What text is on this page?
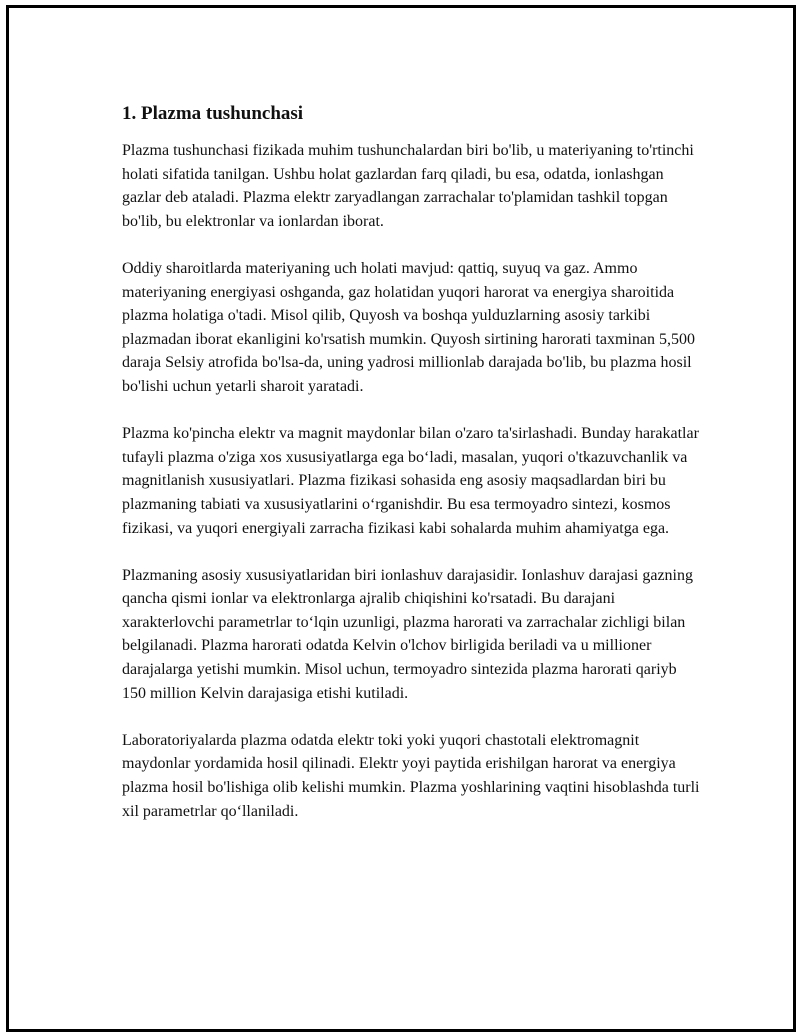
1. Plazma tushunchasi

Plazma tushunchasi fizikada muhim tushunchalardan biri bo'lib, u materiyaning to'rtinchi holati sifatida tanilgan. Ushbu holat gazlardan farq qiladi, bu esa, odatda, ionlashgan gazlar deb ataladi. Plazma elektr zaryadlangan zarrachalar to'plamidan tashkil topgan bo'lib, bu elektronlar va ionlardan iborat.

Oddiy sharoitlarda materiyaning uch holati mavjud: qattiq, suyuq va gaz. Ammo materiyaning energiyasi oshganda, gaz holatidan yuqori harorat va energiya sharoitida plazma holatiga o'tadi. Misol qilib, Quyosh va boshqa yulduzlarning asosiy tarkibi plazmadan iborat ekanligini ko'rsatish mumkin. Quyosh sirtining harorati taxminan 5,500 daraja Selsiy atrofida bo'lsa-da, uning yadrosi millionlab darajada bo'lib, bu plazma hosil bo'lishi uchun yetarli sharoit yaratadi.

Plazma ko'pincha elektr va magnit maydonlar bilan o'zaro ta'sirlashadi. Bunday harakatlar tufayli plazma o'ziga xos xususiyatlarga ega bo‘ladi, masalan, yuqori o'tkazuvchanlik va magnitlanish xususiyatlari. Plazma fizikasi sohasida eng asosiy maqsadlardan biri bu plazmaning tabiati va xususiyatlarini o‘rganishdir. Bu esa termoyadro sintezi, kosmos fizikasi, va yuqori energiyali zarracha fizikasi kabi sohalarda muhim ahamiyatga ega.

Plazmaning asosiy xususiyatlaridan biri ionlashuv darajasidir. Ionlashuv darajasi gazning qancha qismi ionlar va elektronlarga ajralib chiqishini ko'rsatadi. Bu darajani xarakterlovchi parametrlar to‘lqin uzunligi, plazma harorati va zarrachalar zichligi bilan belgilanadi. Plazma harorati odatda Kelvin o'lchov birligida beriladi va u millioner darajalarga yetishi mumkin. Misol uchun, termoyadro sintezida plazma harorati qariyb 150 million Kelvin darajasiga etishi kutiladi.

Laboratoriyalarda plazma odatda elektr toki yoki yuqori chastotali elektromagnit maydonlar yordamida hosil qilinadi. Elektr yoyi paytida erishilgan harorat va energiya plazma hosil bo'lishiga olib kelishi mumkin. Plazma yoshlarining vaqtini hisoblashda turli xil parametrlar qo‘llaniladi.
